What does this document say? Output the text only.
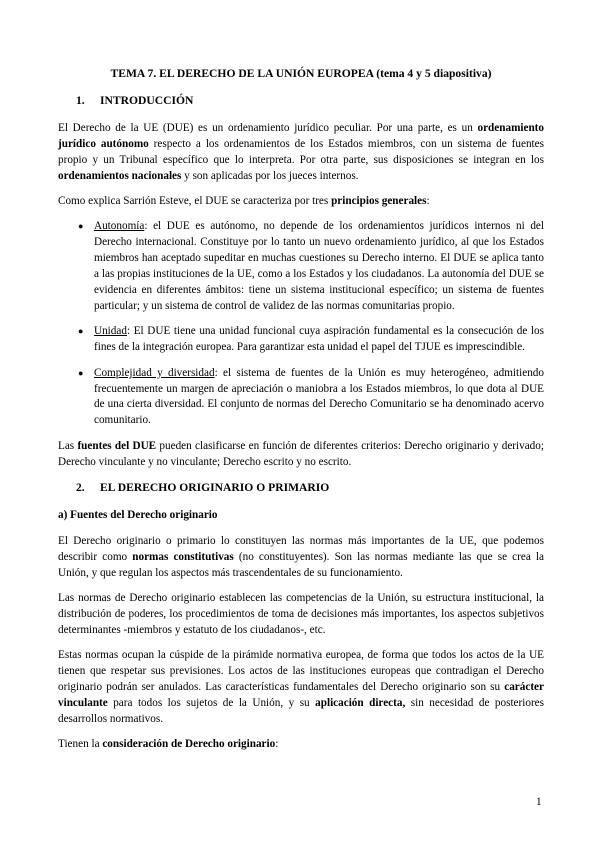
TEMA 7. EL DERECHO DE LA UNIÓN EUROPEA (tema 4 y 5 diapositiva)
1.	INTRODUCCIÓN

El Derecho de la UE (DUE) es un ordenamiento jurídico peculiar. Por una parte, es un ordenamiento jurídico autónomo respecto a los ordenamientos de los Estados miembros, con un sistema de fuentes propio y un Tribunal específico que lo interpreta. Por otra parte, sus disposiciones se integran en los ordenamientos nacionales y son aplicadas por los jueces internos.

Como explica Sarrión Esteve, el DUE se caracteriza por tres principios generales:

● Autonomía: el DUE es autónomo, no depende de los ordenamientos jurídicos internos ni del Derecho internacional. Constituye por lo tanto un nuevo ordenamiento jurídico, al que los Estados miembros han aceptado supeditar en muchas cuestiones su Derecho interno. El DUE se aplica tanto a las propias instituciones de la UE, como a los Estados y los ciudadanos. La autonomía del DUE se evidencia en diferentes ámbitos: tiene un sistema institucional específico; un sistema de fuentes particular; y un sistema de control de validez de las normas comunitarias propio.
● Unidad: El DUE tiene una unidad funcional cuya aspiración fundamental es la consecución de los fines de la integración europea. Para garantizar esta unidad el papel del TJUE es imprescindible.
● Complejidad y diversidad: el sistema de fuentes de la Unión es muy heterogéneo, admitiendo frecuentemente un margen de apreciación o maniobra a los Estados miembros, lo que dota al DUE de una cierta diversidad. El conjunto de normas del Derecho Comunitario se ha denominado acervo comunitario.

Las fuentes del DUE pueden clasificarse en función de diferentes criterios: Derecho originario y derivado; Derecho vinculante y no vinculante; Derecho escrito y no escrito.

2.	EL DERECHO ORIGINARIO O PRIMARIO
a) Fuentes del Derecho originario

El Derecho originario o primario lo constituyen las normas más importantes de la UE, que podemos describir como normas constitutivas (no constituyentes). Son las normas mediante las que se crea la Unión, y que regulan los aspectos más trascendentales de su funcionamiento.

Las normas de Derecho originario establecen las competencias de la Unión, su estructura institucional, la distribución de poderes, los procedimientos de toma de decisiones más importantes, los aspectos subjetivos determinantes -miembros y estatuto de los ciudadanos-, etc.

Estas normas ocupan la cúspide de la pirámide normativa europea, de forma que todos los actos de la UE tienen que respetar sus previsiones. Los actos de las instituciones europeas que contradigan el Derecho originario podrán ser anulados. Las características fundamentales del Derecho originario son su carácter vinculante para todos los sujetos de la Unión, y su aplicación directa, sin necesidad de posteriores desarrollos normativos.

Tienen la consideración de Derecho originario:

1
